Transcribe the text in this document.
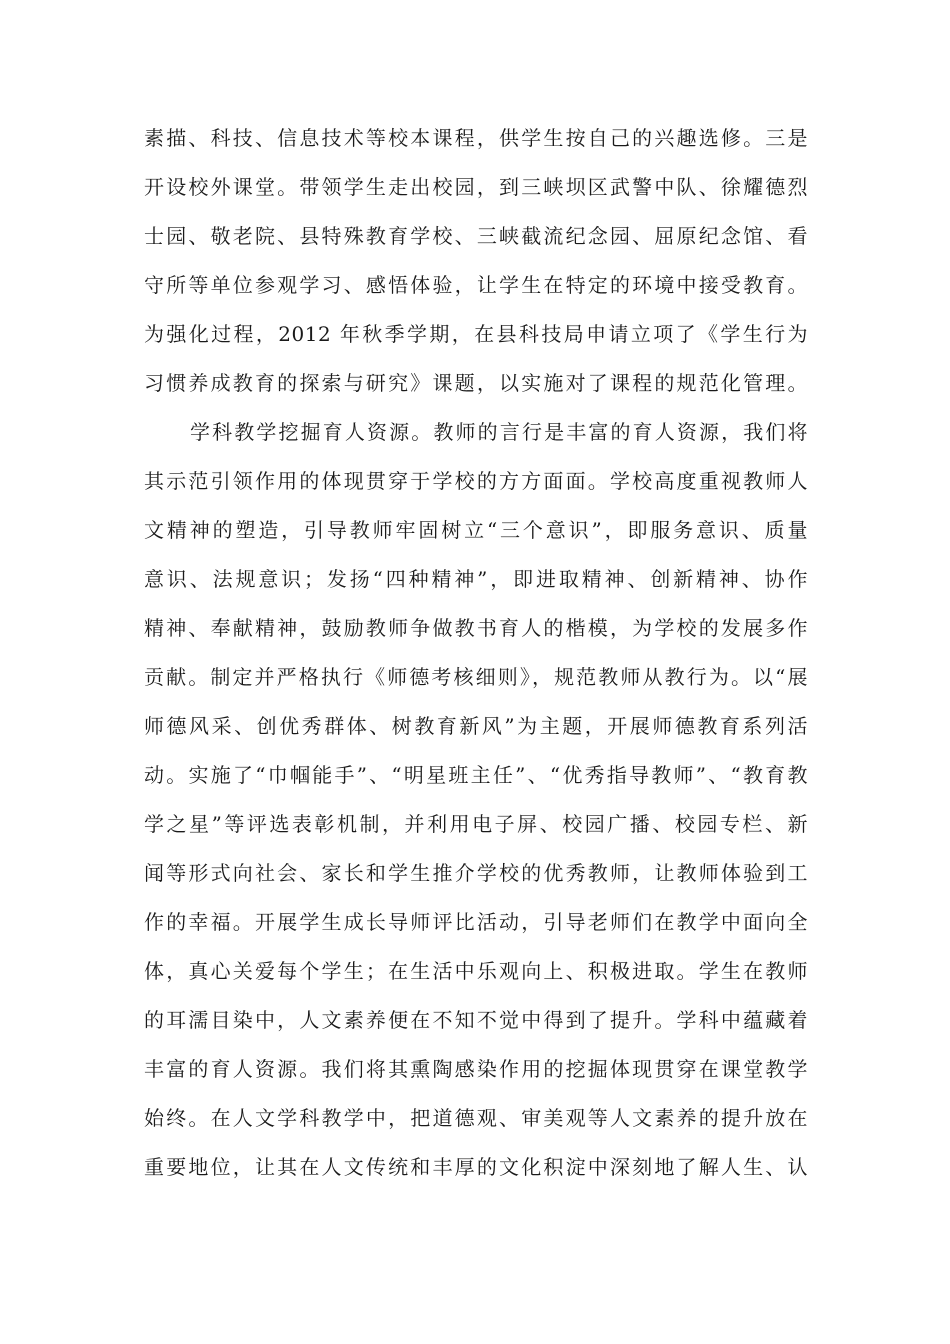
素描、科技、信息技术等校本课程，供学生按自己的兴趣选修。三是
开设校外课堂。带领学生走出校园，到三峡坝区武警中队、徐耀德烈
士园、敬老院、县特殊教育学校、三峡截流纪念园、屈原纪念馆、看
守所等单位参观学习、感悟体验，让学生在特定的环境中接受教育。
为强化过程，2012 年秋季学期，在县科技局申请立项了《学生行为
习惯养成教育的探索与研究》课题，以实施对了课程的规范化管理。
学科教学挖掘育人资源。教师的言行是丰富的育人资源，我们将
其示范引领作用的体现贯穿于学校的方方面面。学校高度重视教师人
文精神的塑造，引导教师牢固树立“三个意识”，即服务意识、质量
意识、法规意识；发扬“四种精神”，即进取精神、创新精神、协作
精神、奉献精神，鼓励教师争做教书育人的楷模，为学校的发展多作
贡献。制定并严格执行《师德考核细则》，规范教师从教行为。以“展
师德风采、创优秀群体、树教育新风”为主题，开展师德教育系列活
动。实施了“巾帼能手”、“明星班主任”、“优秀指导教师”、“教育教
学之星”等评选表彰机制，并利用电子屏、校园广播、校园专栏、新
闻等形式向社会、家长和学生推介学校的优秀教师，让教师体验到工
作的幸福。开展学生成长导师评比活动，引导老师们在教学中面向全
体，真心关爱每个学生；在生活中乐观向上、积极进取。学生在教师
的耳濡目染中，人文素养便在不知不觉中得到了提升。学科中蕴藏着
丰富的育人资源。我们将其熏陶感染作用的挖掘体现贯穿在课堂教学
始终。在人文学科教学中，把道德观、审美观等人文素养的提升放在
重要地位，让其在人文传统和丰厚的文化积淀中深刻地了解人生、认
